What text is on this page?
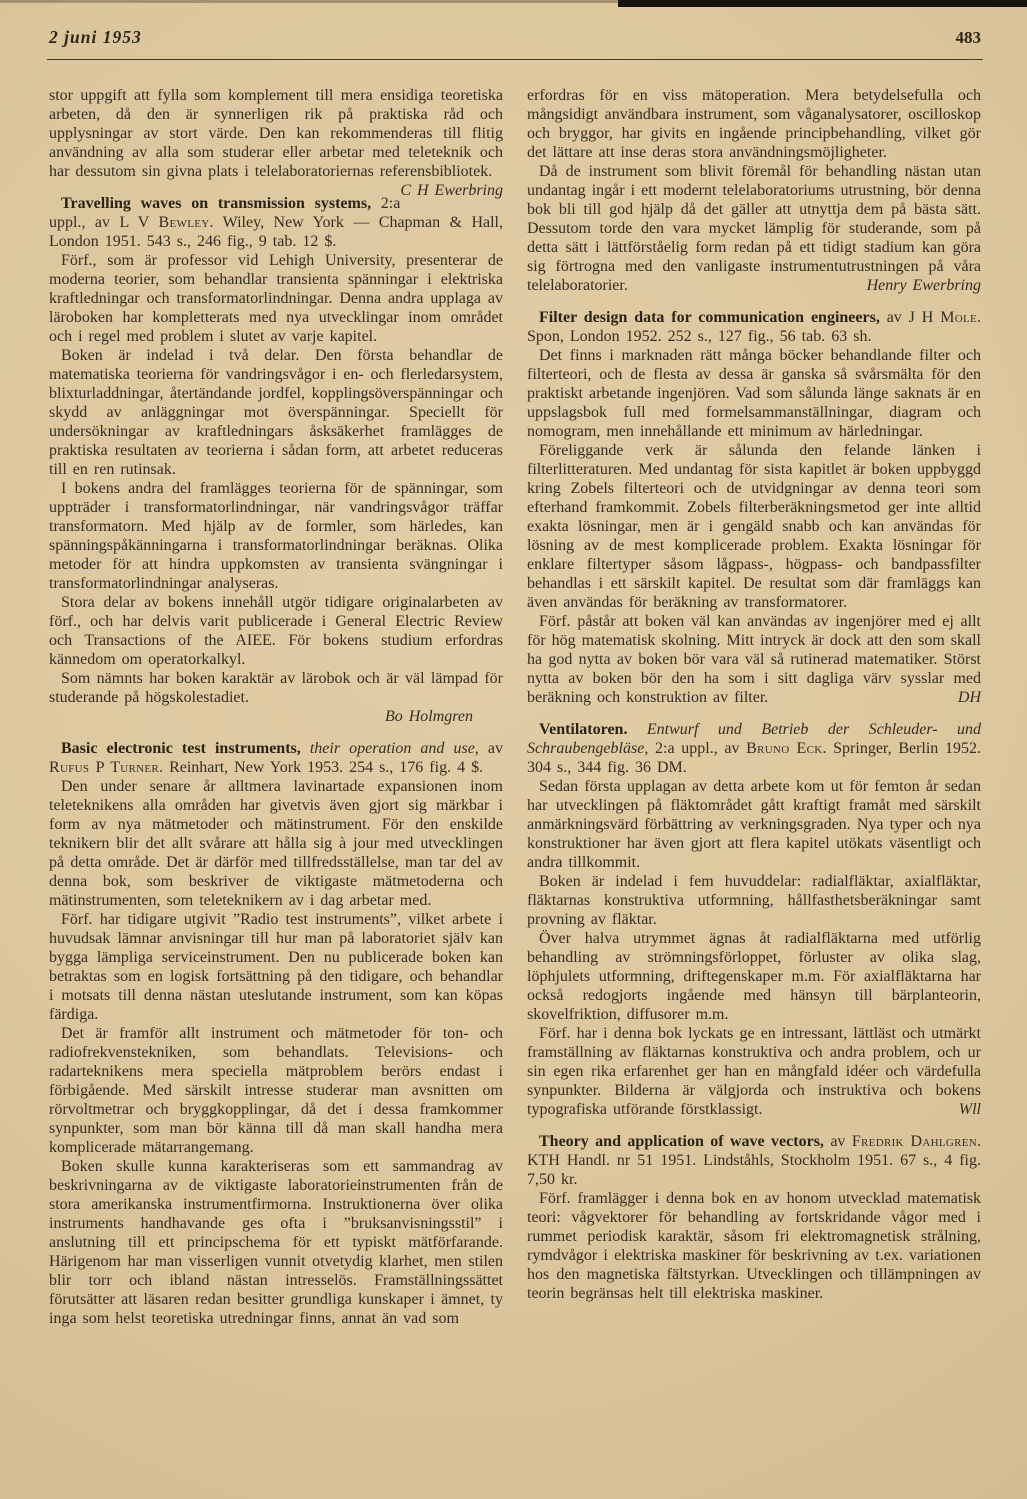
2 juni 1953	483

stor uppgift att fylla som komplement till mera ensidiga teoretiska arbeten, då den är synnerligen rik på praktiska råd och upplysningar av stort värde. Den kan rekommenderas till flitig användning av alla som studerar eller arbetar med teleteknik och har dessutom sin givna plats i telelaboratoriernas referensbibliotek.
C H Ewerbring

Travelling waves on transmission systems, 2:a uppl., av L V Bewley. Wiley, New York — Chapman & Hall, London 1951. 543 s., 246 fig., 9 tab. 12 $.

Förf., som är professor vid Lehigh University, presenterar de moderna teorier, som behandlar transienta spänningar i elektriska kraftledningar och transformatorlindningar. Denna andra upplaga av läroboken har kompletterats med nya utvecklingar inom området och i regel med problem i slutet av varje kapitel.

Boken är indelad i två delar. Den första behandlar de matematiska teorierna för vandringsvågor i en- och flerledarsystem, blixturladdningar, återtändande jordfel, kopplingsöverspänningar och skydd av anläggningar mot överspänningar. Speciellt för undersökningar av kraftledningars åsksäkerhet framlägges de praktiska resultaten av teorierna i sådan form, att arbetet reduceras till en ren rutinsak.

I bokens andra del framlägges teorierna för de spänningar, som uppträder i transformatorlindningar, när vandringsvågor träffar transformatorn. Med hjälp av de formler, som härledes, kan spänningspåkänningarna i transformatorlindningar beräknas. Olika metoder för att hindra uppkomsten av transienta svängningar i transformatorlindningar analyseras.

Stora delar av bokens innehåll utgör tidigare originalarbeten av förf., och har delvis varit publicerade i General Electric Review och Transactions of the AIEE. För bokens studium erfordras kännedom om operatorkalkyl.

Som nämnts har boken karaktär av lärobok och är väl lämpad för studerande på högskolestadiet.

Bo Holmgren

Basic electronic test instruments, their operation and use, av Rufus P Turner. Reinhart, New York 1953. 254 s., 176 fig. 4 $.

Den under senare år alltmera lavinartade expansionen inom teleteknikens alla områden har givetvis även gjort sig märkbar i form av nya mätmetoder och mätinstrument. För den enskilde teknikern blir det allt svårare att hålla sig à jour med utvecklingen på detta område. Det är därför med tillfredsställelse, man tar del av denna bok, som beskriver de viktigaste mätmetoderna och mätinstrumenten, som teleteknikern av i dag arbetar med.

Förf. har tidigare utgivit ”Radio test instruments”, vilket arbete i huvudsak lämnar anvisningar till hur man på laboratoriet själv kan bygga lämpliga serviceinstrument. Den nu publicerade boken kan betraktas som en logisk fortsättning på den tidigare, och behandlar i motsats till denna nästan uteslutande instrument, som kan köpas färdiga.

Det är framför allt instrument och mätmetoder för ton- och radiofrekvenstekniken, som behandlats. Televisions- och radarteknikens mera speciella mätproblem berörs endast i förbigående. Med särskilt intresse studerar man avsnitten om rörvoltmetrar och bryggkopplingar, då det i dessa framkommer synpunkter, som man bör känna till då man skall handha mera komplicerade mätarrangemang.

Boken skulle kunna karakteriseras som ett sammandrag av beskrivningarna av de viktigaste laboratorieinstrumenten från de stora amerikanska instrumentfirmorna. Instruktionerna över olika instruments handhavande ges ofta i ”bruksanvisningsstil” i anslutning till ett principschema för ett typiskt mätförfarande. Härigenom har man visserligen vunnit otvetydig klarhet, men stilen blir torr och ibland nästan intresselös. Framställningssättet förutsätter att läsaren redan besitter grundliga kunskaper i ämnet, ty inga som helst teoretiska utredningar finns, annat än vad som

erfordras för en viss mätoperation. Mera betydelsefulla och mångsidigt användbara instrument, som våganalysatorer, oscilloskop och bryggor, har givits en ingående principbehandling, vilket gör det lättare att inse deras stora användningsmöjligheter.

Då de instrument som blivit föremål för behandling nästan utan undantag ingår i ett modernt telelaboratoriums utrustning, bör denna bok bli till god hjälp då det gäller att utnyttja dem på bästa sätt. Dessutom torde den vara mycket lämplig för studerande, som på detta sätt i lättförståelig form redan på ett tidigt stadium kan göra sig förtrogna med den vanligaste instrumentutrustningen på våra telelaboratorier.	Henry Ewerbring

Filter design data for communication engineers, av J H Mole. Spon, London 1952. 252 s., 127 fig., 56 tab. 63 sh.

Det finns i marknaden rätt många böcker behandlande filter och filterteori, och de flesta av dessa är ganska så svårsmälta för den praktiskt arbetande ingenjören. Vad som sålunda länge saknats är en uppslagsbok full med formelsammanställningar, diagram och nomogram, men innehållande ett minimum av härledningar.

Föreliggande verk är sålunda den felande länken i filterlitteraturen. Med undantag för sista kapitlet är boken uppbyggd kring Zobels filterteori och de utvidgningar av denna teori som efterhand framkommit. Zobels filterberäkningsmetod ger inte alltid exakta lösningar, men är i gengäld snabb och kan användas för lösning av de mest komplicerade problem. Exakta lösningar för enklare filtertyper såsom lågpass-, högpass- och bandpassfilter behandlas i ett särskilt kapitel. De resultat som där framläggs kan även användas för beräkning av transformatorer.

Förf. påstår att boken väl kan användas av ingenjörer med ej allt för hög matematisk skolning. Mitt intryck är dock att den som skall ha god nytta av boken bör vara väl så rutinerad matematiker. Störst nytta av boken bör den ha som i sitt dagliga värv sysslar med beräkning och konstruktion av filter.	DH

Ventilatoren. Entwurf und Betrieb der Schleuder- und Schraubengebläse, 2:a uppl., av Bruno Eck. Springer, Berlin 1952. 304 s., 344 fig. 36 DM.

Sedan första upplagan av detta arbete kom ut för femton år sedan har utvecklingen på fläktområdet gått kraftigt framåt med särskilt anmärkningsvärd förbättring av verkningsgraden. Nya typer och nya konstruktioner har även gjort att flera kapitel utökats väsentligt och andra tillkommit.

Boken är indelad i fem huvuddelar: radialfläktar, axialfläktar, fläktarnas konstruktiva utformning, hållfasthetsberäkningar samt provning av fläktar.

Över halva utrymmet ägnas åt radialfläktarna med utförlig behandling av strömningsförloppet, förluster av olika slag, löphjulets utformning, driftegenskaper m.m. För axialfläktarna har också redogjorts ingående med hänsyn till bärplanteorin, skovelfriktion, diffusorer m.m.

Förf. har i denna bok lyckats ge en intressant, lättläst och utmärkt framställning av fläktarnas konstruktiva och andra problem, och ur sin egen rika erfarenhet ger han en mångfald idéer och värdefulla synpunkter. Bilderna är välgjorda och instruktiva och bokens typografiska utförande förstklassigt.	Wll

Theory and application of wave vectors, av Fredrik Dahlgren. KTH Handl. nr 51 1951. Lindståhls, Stockholm 1951. 67 s., 4 fig. 7,50 kr.

Förf. framlägger i denna bok en av honom utvecklad matematisk teori: vågvektorer för behandling av fortskridande vågor med i rummet periodisk karaktär, såsom fri elektromagnetisk strålning, rymdvågor i elektriska maskiner för beskrivning av t.ex. variationen hos den magnetiska fältstyrkan. Utvecklingen och tillämpningen av teorin begränsas helt till elektriska maskiner.
